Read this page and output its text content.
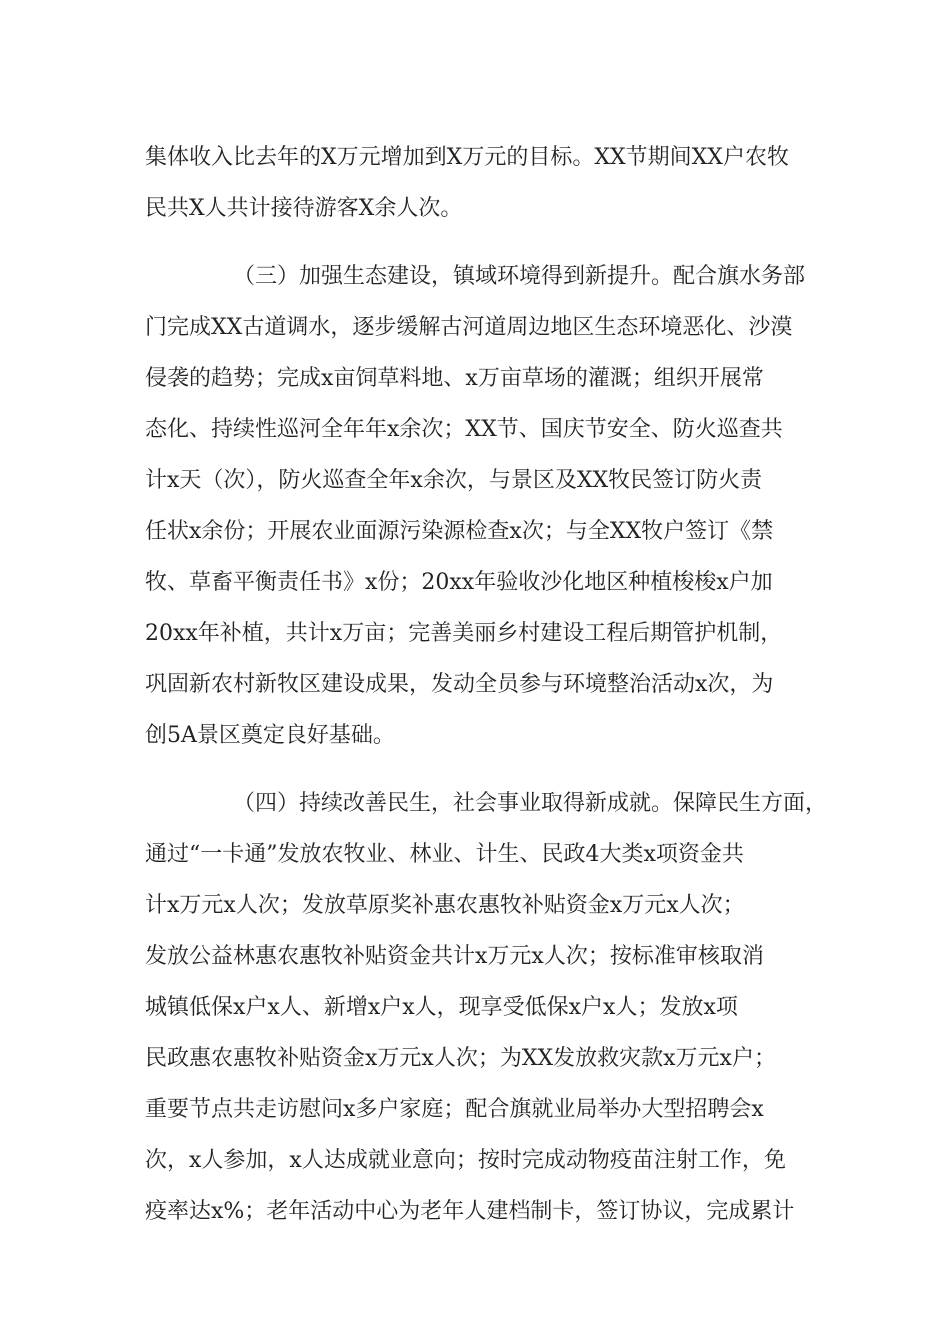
集体收入比去年的X万元增加到X万元的目标。XX节期间XX户农牧
民共X人共计接待游客X余人次。
（三）加强生态建设，镇域环境得到新提升。配合旗水务部
门完成XX古道调水，逐步缓解古河道周边地区生态环境恶化、沙漠
侵袭的趋势；完成x亩饲草料地、x万亩草场的灌溉；组织开展常
态化、持续性巡河全年年x余次；XX节、国庆节安全、防火巡查共
计x天（次），防火巡查全年x余次，与景区及XX牧民签订防火责
任状x余份；开展农业面源污染源检查x次；与全XX牧户签订《禁
牧、草畜平衡责任书》x份；20xx年验收沙化地区种植梭梭x户加
20xx年补植，共计x万亩；完善美丽乡村建设工程后期管护机制，
巩固新农村新牧区建设成果，发动全员参与环境整治活动x次，为
创5A景区奠定良好基础。
（四）持续改善民生，社会事业取得新成就。保障民生方面，
通过“一卡通”发放农牧业、林业、计生、民政4大类x项资金共
计x万元x人次；发放草原奖补惠农惠牧补贴资金x万元x人次；
发放公益林惠农惠牧补贴资金共计x万元x人次；按标准审核取消
城镇低保x户x人、新增x户x人，现享受低保x户x人；发放x项
民政惠农惠牧补贴资金x万元x人次；为XX发放救灾款x万元x户；
重要节点共走访慰问x多户家庭；配合旗就业局举办大型招聘会x
次，x人参加，x人达成就业意向；按时完成动物疫苗注射工作，免
疫率达x%；老年活动中心为老年人建档制卡，签订协议，完成累计
